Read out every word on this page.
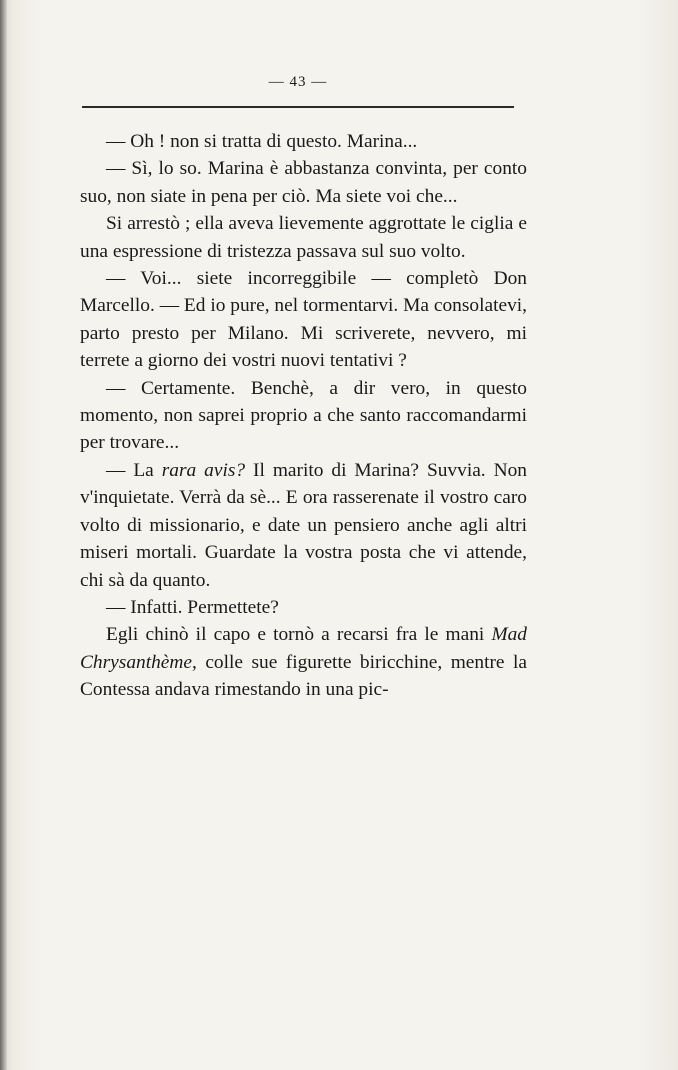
— 43 —

— Oh ! non si tratta di questo. Marina...

— Sì, lo so. Marina è abbastanza convinta, per conto suo, non siate in pena per ciò. Ma siete voi che...

Si arrestò ; ella aveva lievemente aggrottate le ciglia e una espressione di tristezza passava sul suo volto.

— Voi... siete incorreggibile — completò Don Marcello. — Ed io pure, nel tormentarvi. Ma consolatevi, parto presto per Milano. Mi scriverete, nevvero, mi terrete a giorno dei vostri nuovi tentativi ?

— Certamente. Benchè, a dir vero, in questo momento, non saprei proprio a che santo raccomandarmi per trovare...

— La rara avis? Il marito di Marina? Suvvia. Non v'inquietate. Verrà da sè... E ora rasserenate il vostro caro volto di missionario, e date un pensiero anche agli altri miseri mortali. Guardate la vostra posta che vi attende, chi sà da quanto.

— Infatti. Permettete?

Egli chinò il capo e tornò a recarsi fra le mani Mad Chrysanthème, colle sue figurette biricchine, mentre la Contessa andava rimestando in una pic-
